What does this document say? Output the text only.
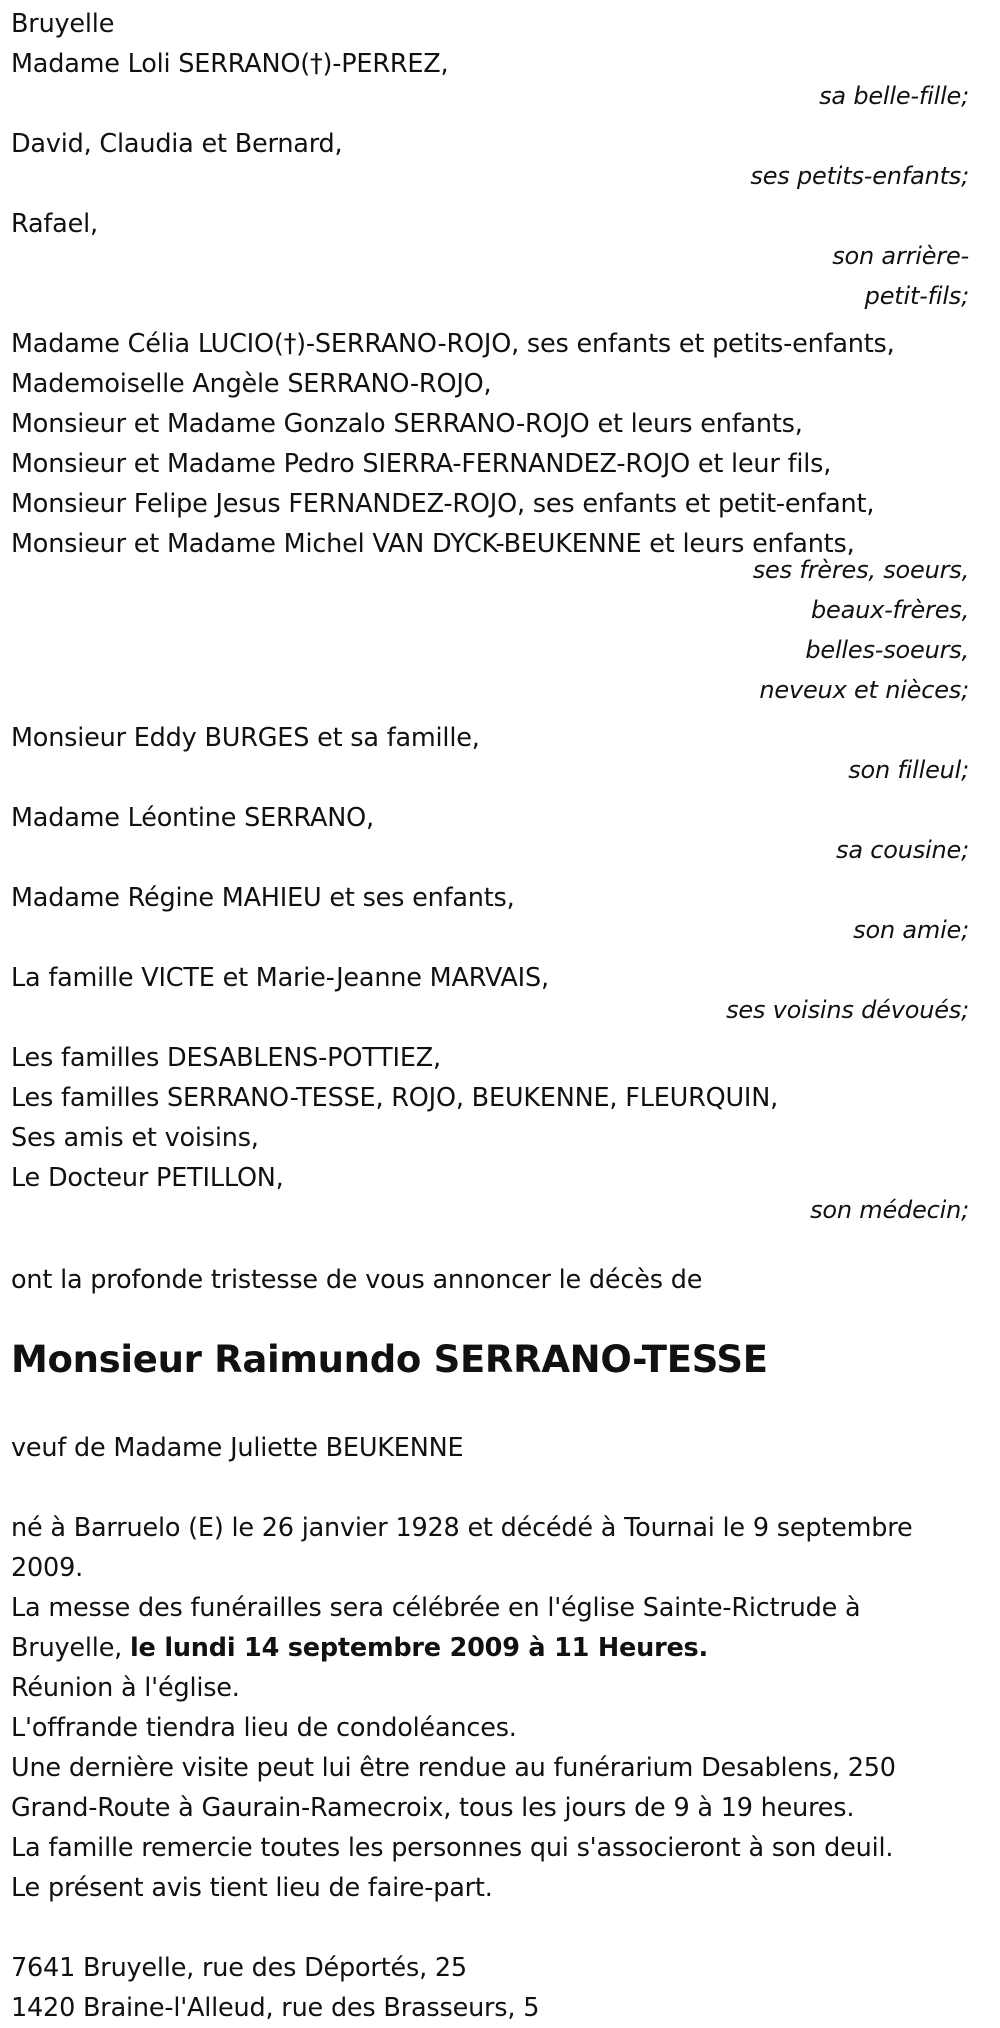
Bruyelle
Madame Loli SERRANO(†)-PERREZ,
sa belle-fille;
David, Claudia et Bernard,
ses petits-enfants;
Rafael,
son arrière-petit-fils;
Madame Célia LUCIO(†)-SERRANO-ROJO, ses enfants et petits-enfants,
Mademoiselle Angèle SERRANO-ROJO,
Monsieur et Madame Gonzalo SERRANO-ROJO et leurs enfants,
Monsieur et Madame Pedro SIERRA-FERNANDEZ-ROJO et leur fils,
Monsieur Felipe Jesus FERNANDEZ-ROJO, ses enfants et petit-enfant,
Monsieur et Madame Michel VAN DYCK-BEUKENNE et leurs enfants,
ses frères, soeurs, beaux-frères, belles-soeurs, neveux et nièces;
Monsieur Eddy BURGES et sa famille,
son filleul;
Madame Léontine SERRANO,
sa cousine;
Madame Régine MAHIEU et ses enfants,
son amie;
La famille VICTE et Marie-Jeanne MARVAIS,
ses voisins dévoués;
Les familles DESABLENS-POTTIEZ,
Les familles SERRANO-TESSE, ROJO, BEUKENNE, FLEURQUIN,
Ses amis et voisins,
Le Docteur PETILLON,
son médecin;
ont la profonde tristesse de vous annoncer le décès de
Monsieur Raimundo SERRANO-TESSE
veuf de Madame Juliette BEUKENNE
né à Barruelo (E) le 26 janvier 1928 et décédé à Tournai le 9 septembre 2009.
La messe des funérailles sera célébrée en l'église Sainte-Rictrude à Bruyelle, le lundi 14 septembre 2009 à 11 Heures.
Réunion à l'église.
L'offrande tiendra lieu de condoléances.
Une dernière visite peut lui être rendue au funérarium Desablens, 250 Grand-Route à Gaurain-Ramecroix, tous les jours de 9 à 19 heures.
La famille remercie toutes les personnes qui s'associeront à son deuil.
Le présent avis tient lieu de faire-part.
7641 Bruyelle, rue des Déportés, 25
1420 Braine-l'Alleud, rue des Brasseurs, 5
